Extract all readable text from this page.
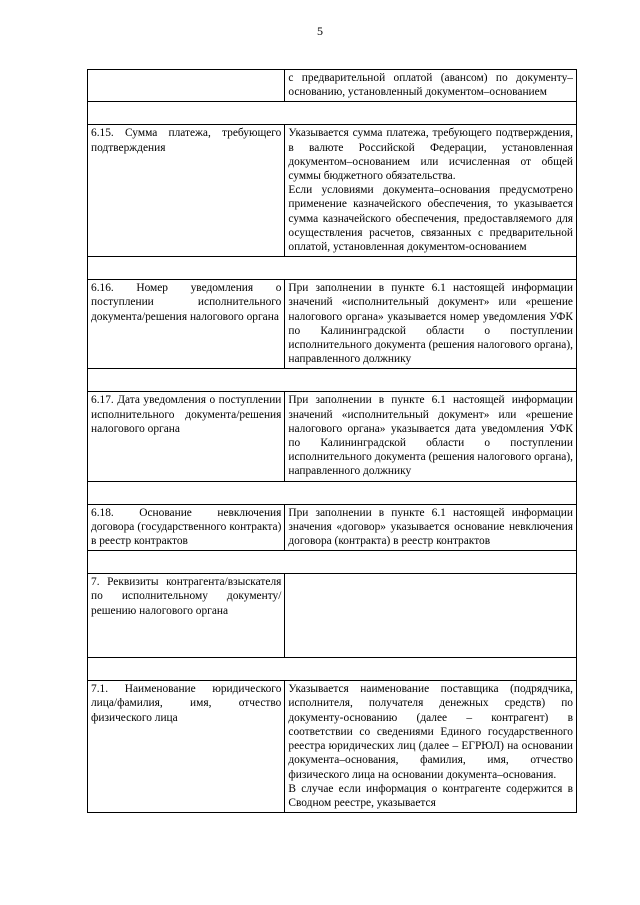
5

	с предварительной оплатой (авансом) по документу–основанию, установленный документом–основанием

6.15. Сумма платежа, требующего подтверждения	Указывается сумма платежа, требующего подтверждения, в валюте Российской Федерации, установленная документом–основанием или исчисленная от общей суммы бюджетного обязательства.
Если условиями документа–основания предусмотрено применение казначейского обеспечения, то указывается сумма казначейского обеспечения, предоставляемого для осуществления расчетов, связанных с предварительной оплатой, установленная документом-основанием

6.16. Номер уведомления о поступлении исполнительного документа/решения налогового органа	При заполнении в пункте 6.1 настоящей информации значений «исполнительный документ» или «решение налогового органа» указывается номер уведомления УФК по Калининградской области о поступлении исполнительного документа (решения налогового органа), направленного должнику

6.17. Дата уведомления о поступлении исполнительного документа/решения налогового органа	При заполнении в пункте 6.1 настоящей информации значений «исполнительный документ» или «решение налогового органа» указывается дата уведомления УФК по Калининградской области о поступлении исполнительного документа (решения налогового органа), направленного должнику

6.18. Основание невключения договора (государственного контракта) в реестр контрактов	При заполнении в пункте 6.1 настоящей информации значения «договор» указывается основание невключения договора (контракта) в реестр контрактов

7. Реквизиты контрагента/взыскателя по исполнительному документу/решению налогового органа	

7.1. Наименование юридического лица/фамилия, имя, отчество физического лица	Указывается наименование поставщика (подрядчика, исполнителя, получателя денежных средств) по документу-основанию (далее – контрагент) в соответствии со сведениями Единого государственного реестра юридических лиц (далее – ЕГРЮЛ) на основании документа–основания, фамилия, имя, отчество физического лица на основании документа–основания.
В случае если информация о контрагенте содержится в Сводном реестре, указывается
